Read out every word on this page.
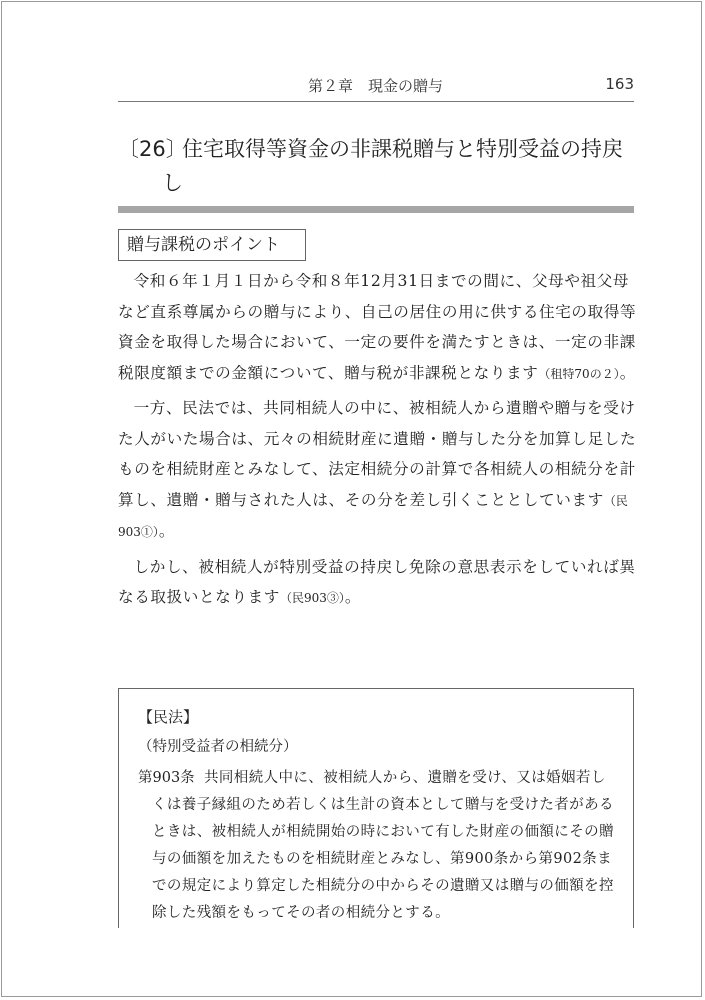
第２章　現金の贈与	163
〔26〕
住宅取得等資金の非課税贈与と特別受益の持戻
し
贈与課税のポイント

令和６年１月１日から令和８年12月31日までの間に、父母や祖父母など直系尊属からの贈与により、自己の居住の用に供する住宅の取得等資金を取得した場合において、一定の要件を満たすときは、一定の非課税限度額までの金額について、贈与税が非課税となります（租特70の２）。

一方、民法では、共同相続人の中に、被相続人から遺贈や贈与を受けた人がいた場合は、元々の相続財産に遺贈・贈与した分を加算し足したものを相続財産とみなして、法定相続分の計算で各相続人の相続分を計算し、遺贈・贈与された人は、その分を差し引くこととしています（民903①）。

しかし、被相続人が特別受益の持戻し免除の意思表示をしていれば異なる取扱いとなります（民903③）。

【民法】
（特別受益者の相続分）
第903条 共同相続人中に、被相続人から、遺贈を受け、又は婚姻若しくは養子縁組のため若しくは生計の資本として贈与を受けた者があるときは、被相続人が相続開始の時において有した財産の価額にその贈与の価額を加えたものを相続財産とみなし、第900条から第902条までの規定により算定した相続分の中からその遺贈又は贈与の価額を控除した残額をもってその者の相続分とする。
